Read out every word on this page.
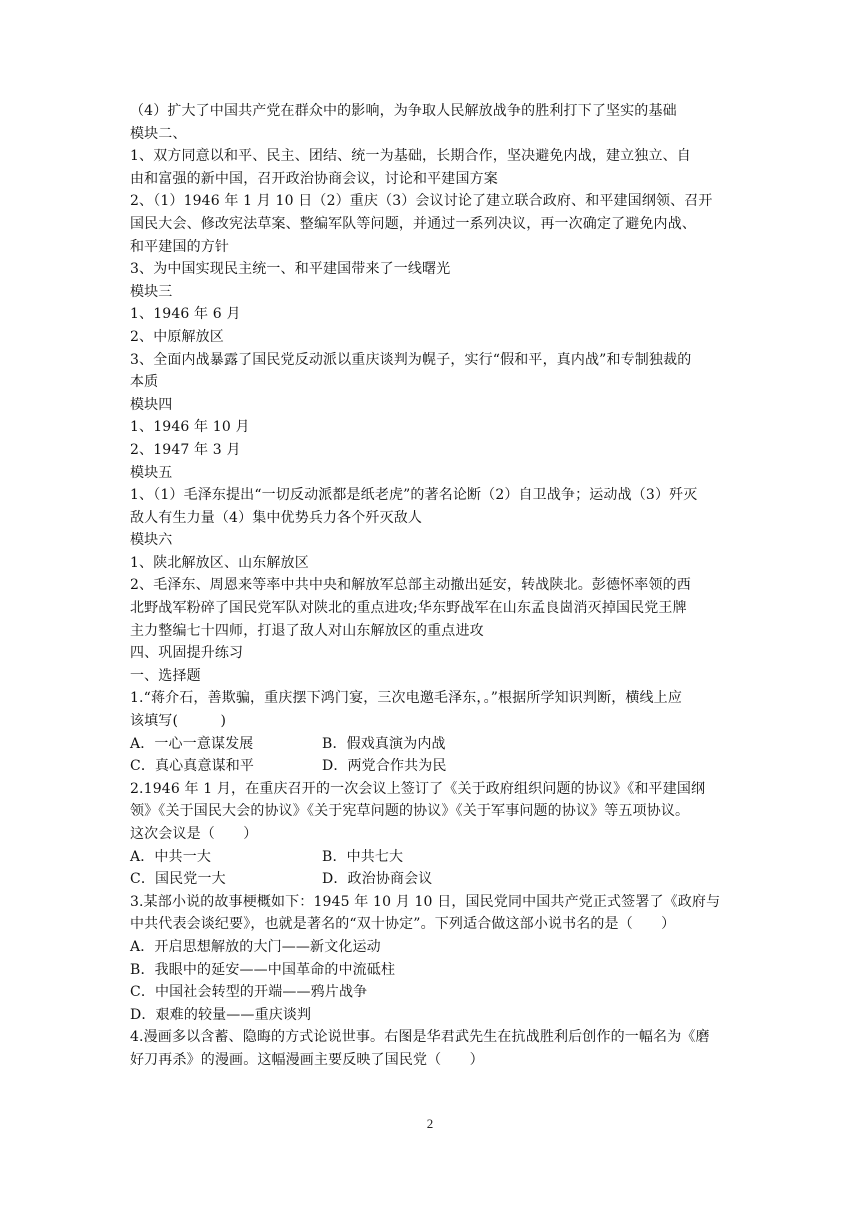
（4）扩大了中国共产党在群众中的影响，为争取人民解放战争的胜利打下了坚实的基础
模块二、
1、双方同意以和平、民主、团结、统一为基础，长期合作，坚决避免内战，建立独立、自
由和富强的新中国，召开政治协商会议，讨论和平建国方案
2、（1）1946 年 1 月 10 日（2）重庆（3）会议讨论了建立联合政府、和平建国纲领、召开
国民大会、修改宪法草案、整编军队等问题，并通过一系列决议，再一次确定了避免内战、
和平建国的方针
3、为中国实现民主统一、和平建国带来了一线曙光
模块三
1、1946 年 6 月
2、中原解放区
3、全面内战暴露了国民党反动派以重庆谈判为幌子，实行“假和平，真内战”和专制独裁的
本质
模块四
1、1946 年 10 月
2、1947 年 3 月
模块五
1、（1）毛泽东提出“一切反动派都是纸老虎”的著名论断（2）自卫战争；运动战（3）歼灭
敌人有生力量（4）集中优势兵力各个歼灭敌人
模块六
1、陕北解放区、山东解放区
2、毛泽东、周恩来等率中共中央和解放军总部主动撤出延安，转战陕北。彭德怀率领的西
北野战军粉碎了国民党军队对陕北的重点进攻;华东野战军在山东孟良崮消灭掉国民党王牌
主力整编七十四师，打退了敌人对山东解放区的重点进攻
四、巩固提升练习
一、选择题
1.“蒋介石，善欺骗，重庆摆下鸿门宴，三次电邀毛泽东，。”根据所学知识判断，横线上应
该填写(　　　)
A．一心一意谋发展	B．假戏真演为内战
C．真心真意谋和平	D．两党合作共为民
2.1946 年 1 月，在重庆召开的一次会议上签订了《关于政府组织问题的协议》《和平建国纲
领》《关于国民大会的协议》《关于宪草问题的协议》《关于军事问题的协议》等五项协议。
这次会议是（　　）
A．中共一大	B．中共七大
C．国民党一大	D．政治协商会议
3.某部小说的故事梗概如下：1945 年 10 月 10 日，国民党同中国共产党正式签署了《政府与
中共代表会谈纪要》，也就是著名的“双十协定”。下列适合做这部小说书名的是（　　）
A．开启思想解放的大门——新文化运动
B．我眼中的延安——中国革命的中流砥柱
C．中国社会转型的开端——鸦片战争
D．艰难的较量——重庆谈判
4.漫画多以含蓄、隐晦的方式论说世事。右图是华君武先生在抗战胜利后创作的一幅名为《磨
好刀再杀》的漫画。这幅漫画主要反映了国民党（　　）
2
